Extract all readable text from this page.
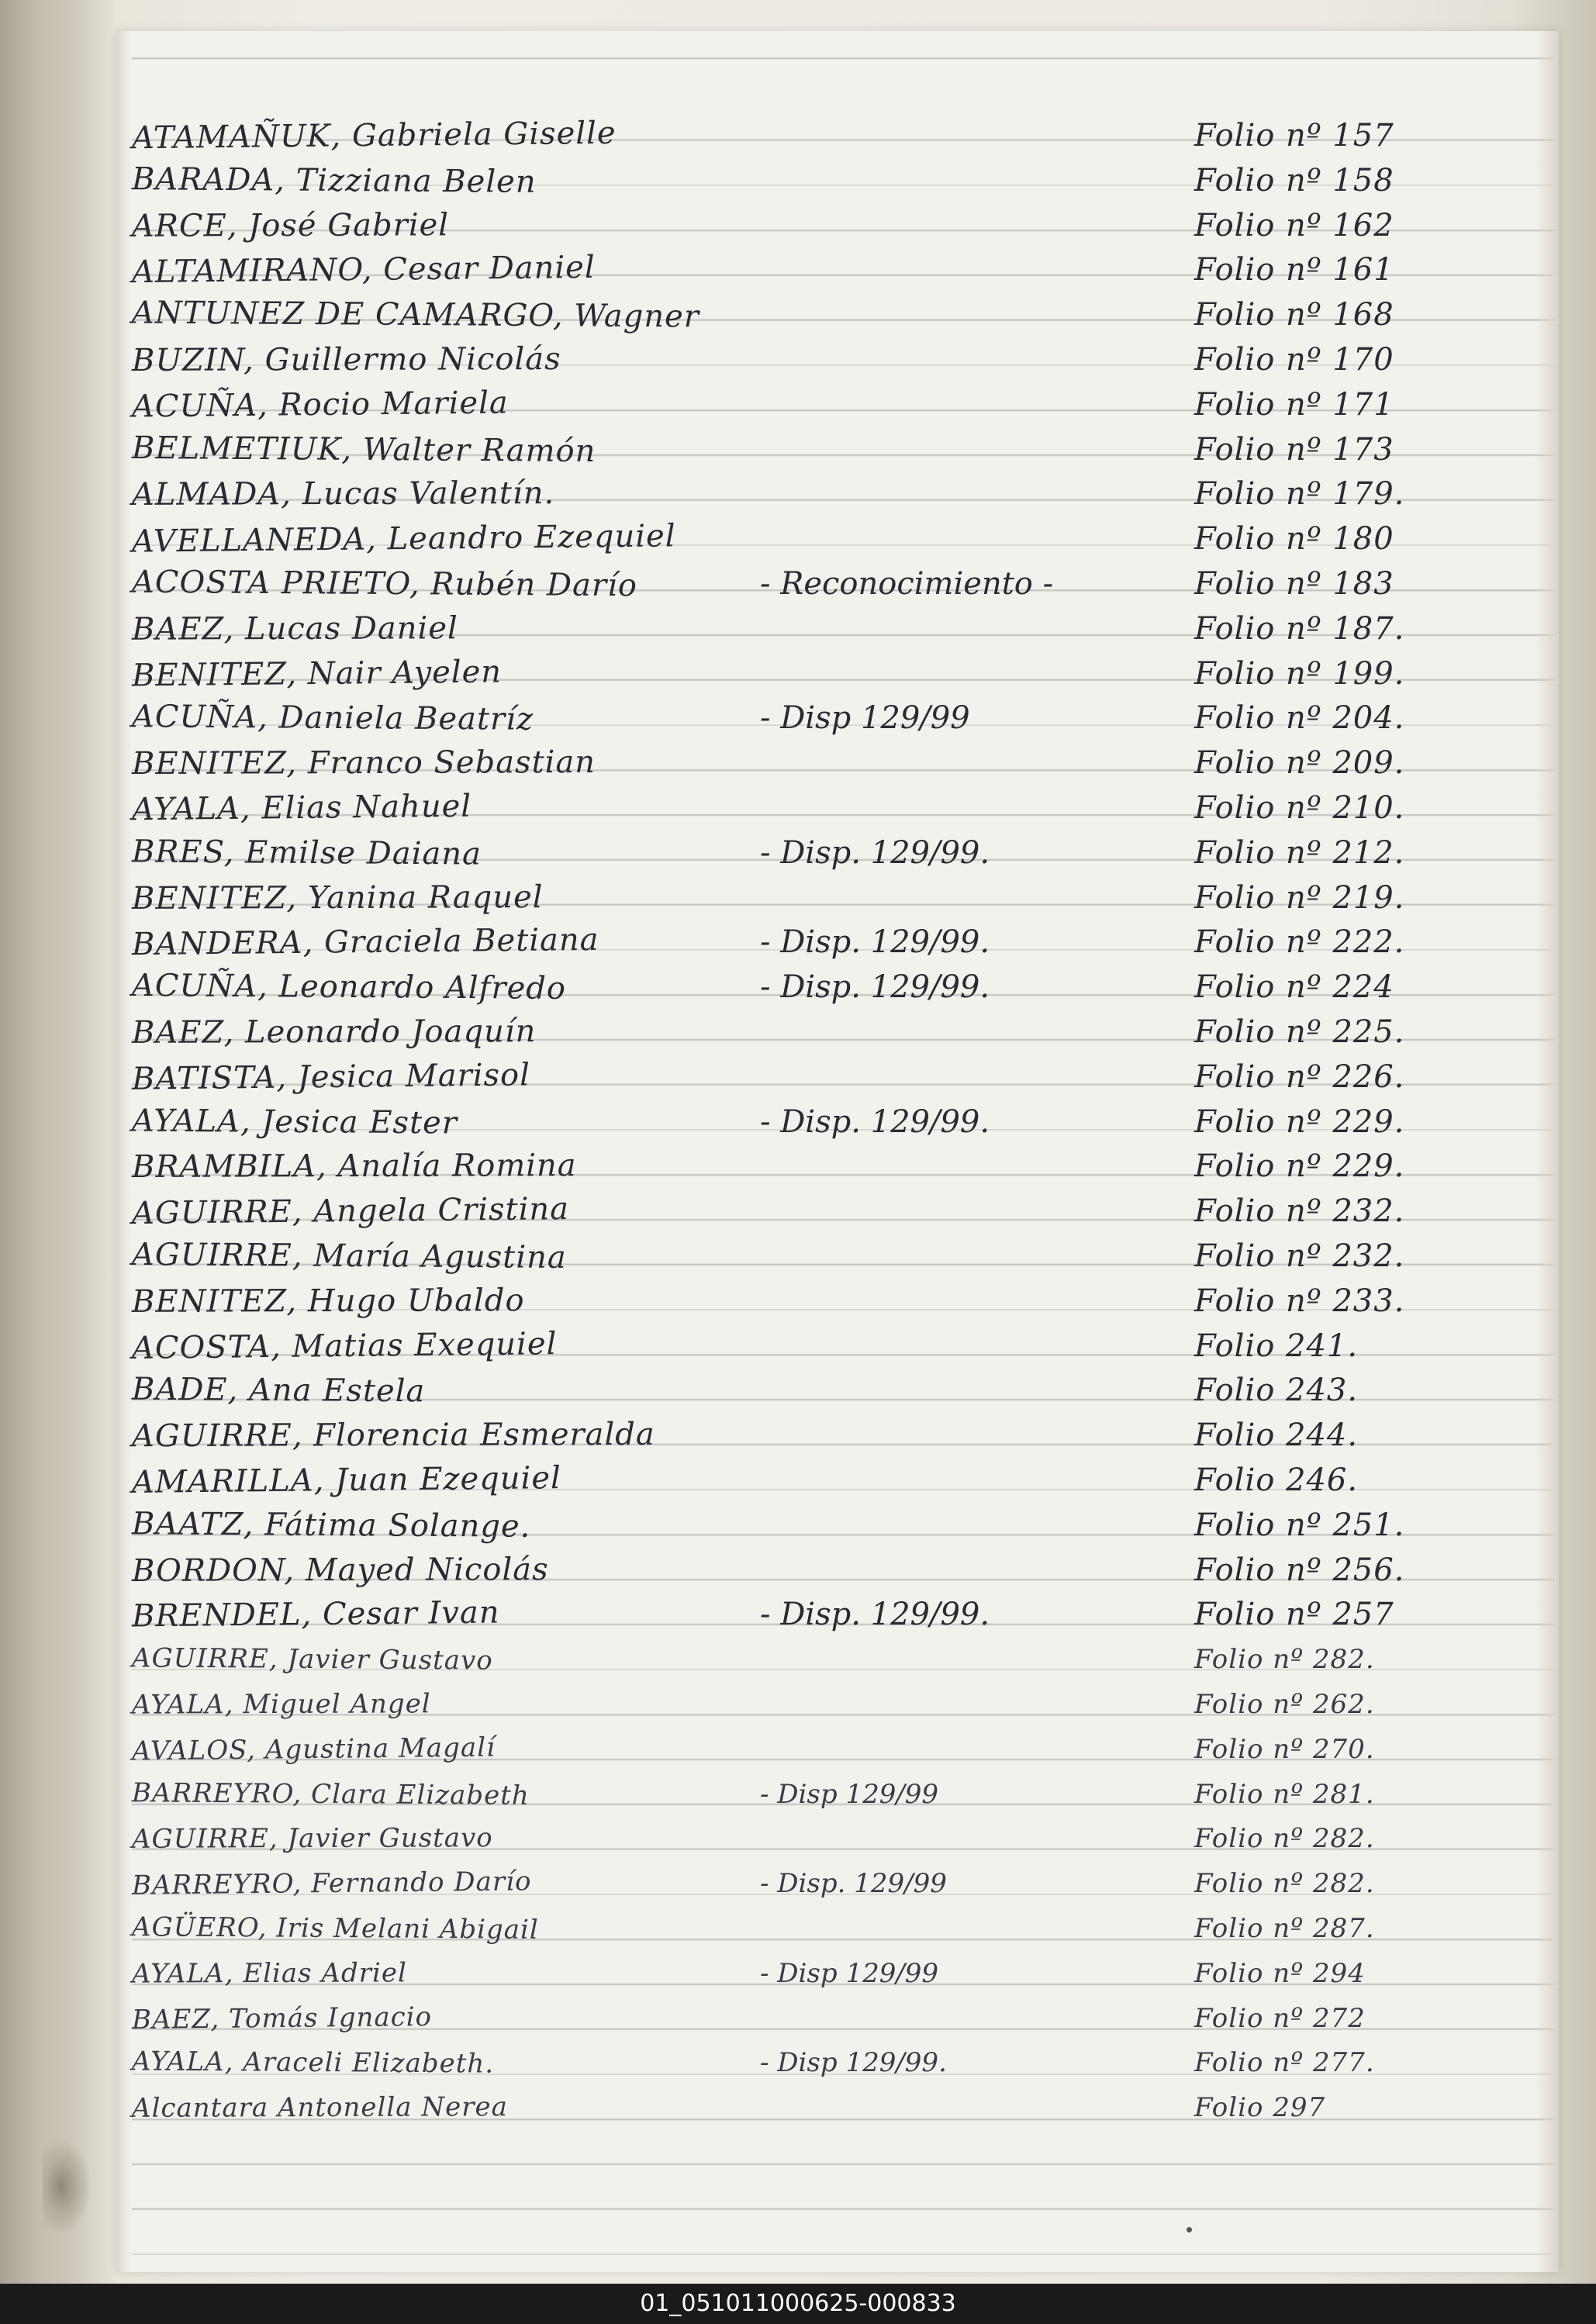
ATAMAÑUK, Gabriela Giselle	Folio nº 157
BARADA, Tizziana Belen	Folio nº 158
ARCE, José Gabriel	Folio nº 162
ALTAMIRANO, Cesar Daniel	Folio nº 161
ANTUNEZ DE CAMARGO, Wagner	Folio nº 168
BUZIN, Guillermo Nicolás	Folio nº 170
ACUÑA, Rocio Mariela	Folio nº 171
BELMETIUK, Walter Ramón	Folio nº 173
ALMADA, Lucas Valentín.	Folio nº 179.
AVELLANEDA, Leandro Ezequiel	Folio nº 180
ACOSTA PRIETO, Rubén Darío	- Reconocimiento -	Folio nº 183
BAEZ, Lucas Daniel	Folio nº 187.
BENITEZ, Nair Ayelen	Folio nº 199.
ACUÑA, Daniela Beatríz	- Disp 129/99	Folio nº 204.
BENITEZ, Franco Sebastian	Folio nº 209.
AYALA, Elias Nahuel	Folio nº 210.
BRES, Emilse Daiana	- Disp. 129/99.	Folio nº 212.
BENITEZ, Yanina Raquel	Folio nº 219.
BANDERA, Graciela Betiana	- Disp. 129/99.	Folio nº 222.
ACUÑA, Leonardo Alfredo	- Disp. 129/99.	Folio nº 224
BAEZ, Leonardo Joaquín	Folio nº 225.
BATISTA, Jesica Marisol	Folio nº 226.
AYALA, Jesica Ester	- Disp. 129/99.	Folio nº 229.
BRAMBILA, Analía Romina	Folio nº 229.
AGUIRRE, Angela Cristina	Folio nº 232.
AGUIRRE, María Agustina	Folio nº 232.
BENITEZ, Hugo Ubaldo	Folio nº 233.
ACOSTA, Matias Exequiel	Folio 241.
BADE, Ana Estela	Folio 243.
AGUIRRE, Florencia Esmeralda	Folio 244.
AMARILLA, Juan Ezequiel	Folio 246.
BAATZ, Fátima Solange.	Folio nº 251.
BORDON, Mayed Nicolás	Folio nº 256.
BRENDEL, Cesar Ivan	- Disp. 129/99.	Folio nº 257
AGUIRRE, Javier Gustavo	Folio nº 282.
AYALA, Miguel Angel	Folio nº 262.
AVALOS, Agustina Magalí	Folio nº 270.
BARREYRO, Clara Elizabeth	- Disp 129/99	Folio nº 281.
AGUIRRE, Javier Gustavo	Folio nº 282.
BARREYRO, Fernando Darío	- Disp. 129/99	Folio nº 282.
AGÜERO, Iris Melani Abigail	Folio nº 287.
AYALA, Elias Adriel	- Disp 129/99	Folio nº 294
BAEZ, Tomás Ignacio	Folio nº 272
AYALA, Araceli Elizabeth.	- Disp 129/99.	Folio nº 277.
Alcantara Antonella Nerea	Folio 297
01_051011000625-000833
